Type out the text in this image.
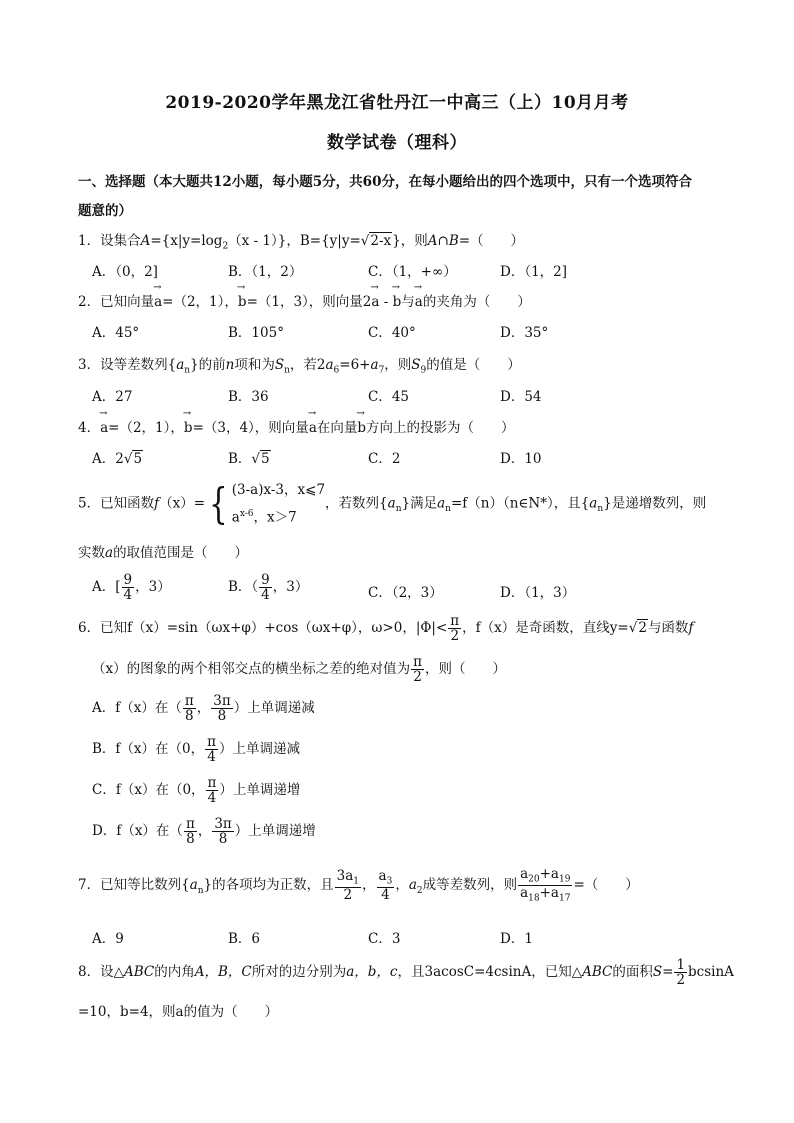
2019-2020学年黑龙江省牡丹江一中高三（上）10月月考
数学试卷（理科）
一、选择题（本大题共12小题，每小题5分，共60分，在每小题给出的四个选项中，只有一个选项符合
题意的）
1．设集合$A=\{x|y=\log_2(x - 1)\}$，B={y|y=√2-x}，则A∩B=（　　）
A．（0，2]	B．（1，2）	C．（1，+∞）	D．（1，2]
2．已知向量→ a=（2，1），→ b=（1，3），则向量2→ a - → b与→ a的夹角为（　　）
A．45°	B．105°	C．40°	D．35°
3．设等差数列$\{a_n\}$的前n项和为$S_n$，若$2a_6=6+a_7$，则$S_9$的值是（　　）
A．27	B．36	C．45	D．54
4．→ a=（2，1），→ b=（3，4），则向量→ a在向量→ b方向上的投影为（　　）
A．2√5	B．√5	C．2	D．10
5．已知函数f（x）={ (3-a)x-3，x⩽7
$a^{x-6}$，x＞7
，若数列$\{a_n\}$满足$a_n=f(n)(n\in N*)$，且$\{a_n\}$是递增数列，则
实数a的取值范围是（　　）
A．[ $\frac{9}{4}$ ，3）	B．（ $\frac{9}{4}$ ，3）	C．（2，3）	D．（1，3）
6．已知f（x）=sin（ωx+φ）+cos（ωx+φ），ω>0，$|\Phi|< \frac{\pi}{2}$ ，f（x）是奇函数，直线y=√2与函数f
（x）的图象的两个相邻交点的横坐标之差的绝对值为 $\frac{\pi}{2}$ ，则（　　）
A．f（x）在（ $\frac{\pi}{8}$ ， $\frac{3\pi}{8}$ ）上单调递减
B．f（x）在（0， $\frac{\pi}{4}$ ）上单调递减
C．f（x）在（0， $\frac{\pi}{4}$ ）上单调递增
D．f（x）在（ $\frac{\pi}{8}$ ， $\frac{3\pi}{8}$ ）上单调递增
7．已知等比数列$\{a_n\}$的各项均为正数，且 $\frac{3a_1}{2}$ ， $\frac{a_3}{4}$ ，$a_2$成等差数列，则 $\frac{a_{20}+a_{19}}{a_{18}+a_{17}}$ =（　　）
A．9	B．6	C．3	D．1
8．设△ABC的内角A，B，C所对的边分别为a，b，c，且3acosC=4csinA，已知△ABC的面积$S= \frac{1}{2}$ bcsinA
=10，b=4，则a的值为（　　）
